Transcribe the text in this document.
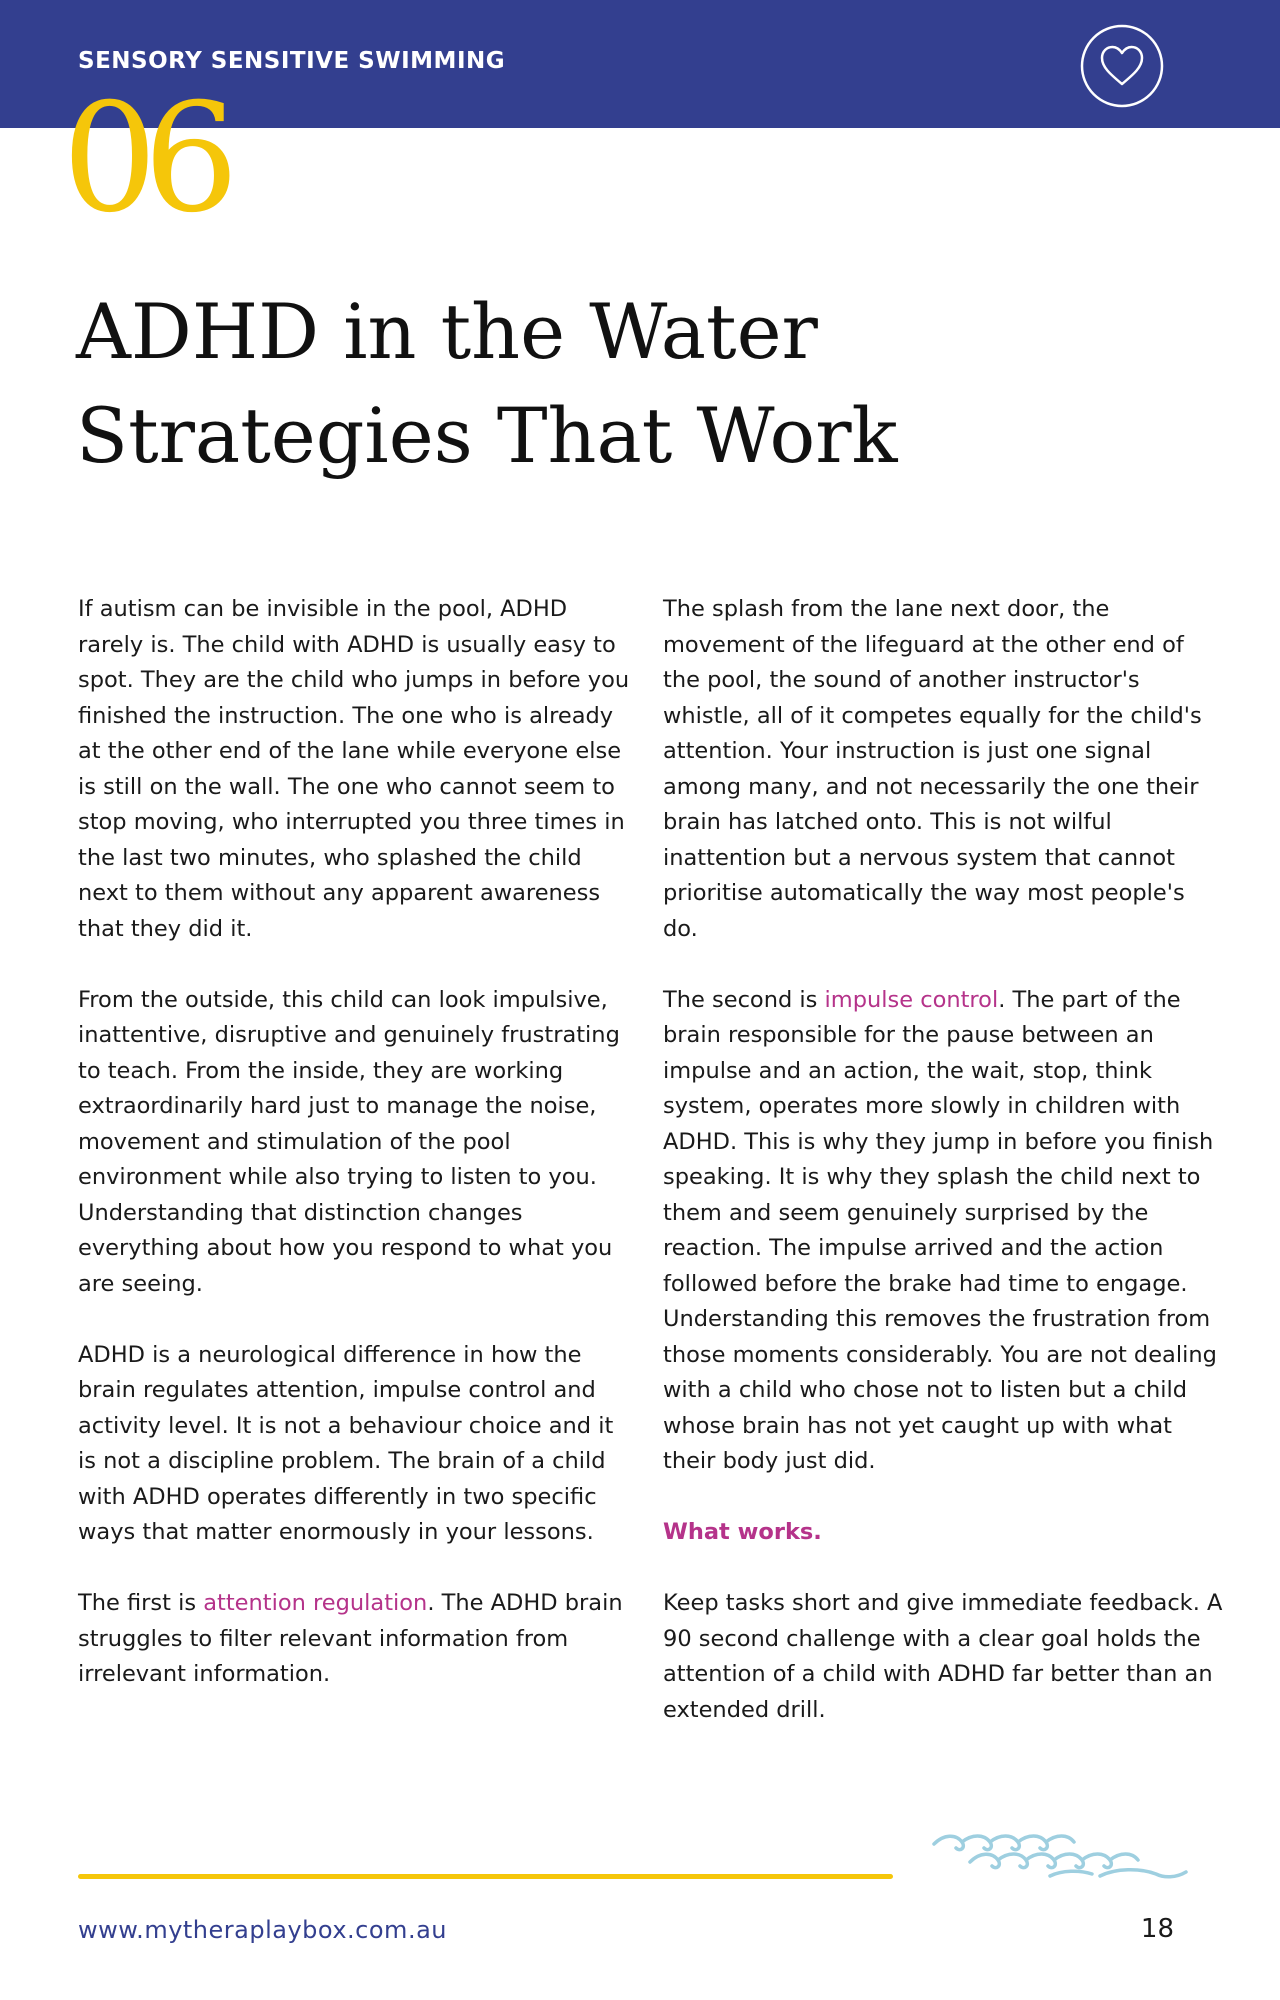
SENSORY SENSITIVE SWIMMING
06
ADHD in the Water
Strategies That Work

If autism can be invisible in the pool, ADHD rarely is. The child with ADHD is usually easy to spot. They are the child who jumps in before you finished the instruction. The one who is already at the other end of the lane while everyone else is still on the wall. The one who cannot seem to stop moving, who interrupted you three times in the last two minutes, who splashed the child next to them without any apparent awareness that they did it.

From the outside, this child can look impulsive, inattentive, disruptive and genuinely frustrating to teach. From the inside, they are working extraordinarily hard just to manage the noise, movement and stimulation of the pool environment while also trying to listen to you. Understanding that distinction changes everything about how you respond to what you are seeing.

ADHD is a neurological difference in how the brain regulates attention, impulse control and activity level. It is not a behaviour choice and it is not a discipline problem. The brain of a child with ADHD operates differently in two specific ways that matter enormously in your lessons.

The first is attention regulation. The ADHD brain struggles to filter relevant information from irrelevant information.

The splash from the lane next door, the movement of the lifeguard at the other end of the pool, the sound of another instructor's whistle, all of it competes equally for the child's attention. Your instruction is just one signal among many, and not necessarily the one their brain has latched onto. This is not wilful inattention but a nervous system that cannot prioritise automatically the way most people's do.

The second is impulse control. The part of the brain responsible for the pause between an impulse and an action, the wait, stop, think system, operates more slowly in children with ADHD. This is why they jump in before you finish speaking. It is why they splash the child next to them and seem genuinely surprised by the reaction. The impulse arrived and the action followed before the brake had time to engage. Understanding this removes the frustration from those moments considerably. You are not dealing with a child who chose not to listen but a child whose brain has not yet caught up with what their body just did.

What works.

Keep tasks short and give immediate feedback. A 90 second challenge with a clear goal holds the attention of a child with ADHD far better than an extended drill.

www.mytheraplaybox.com.au	18
